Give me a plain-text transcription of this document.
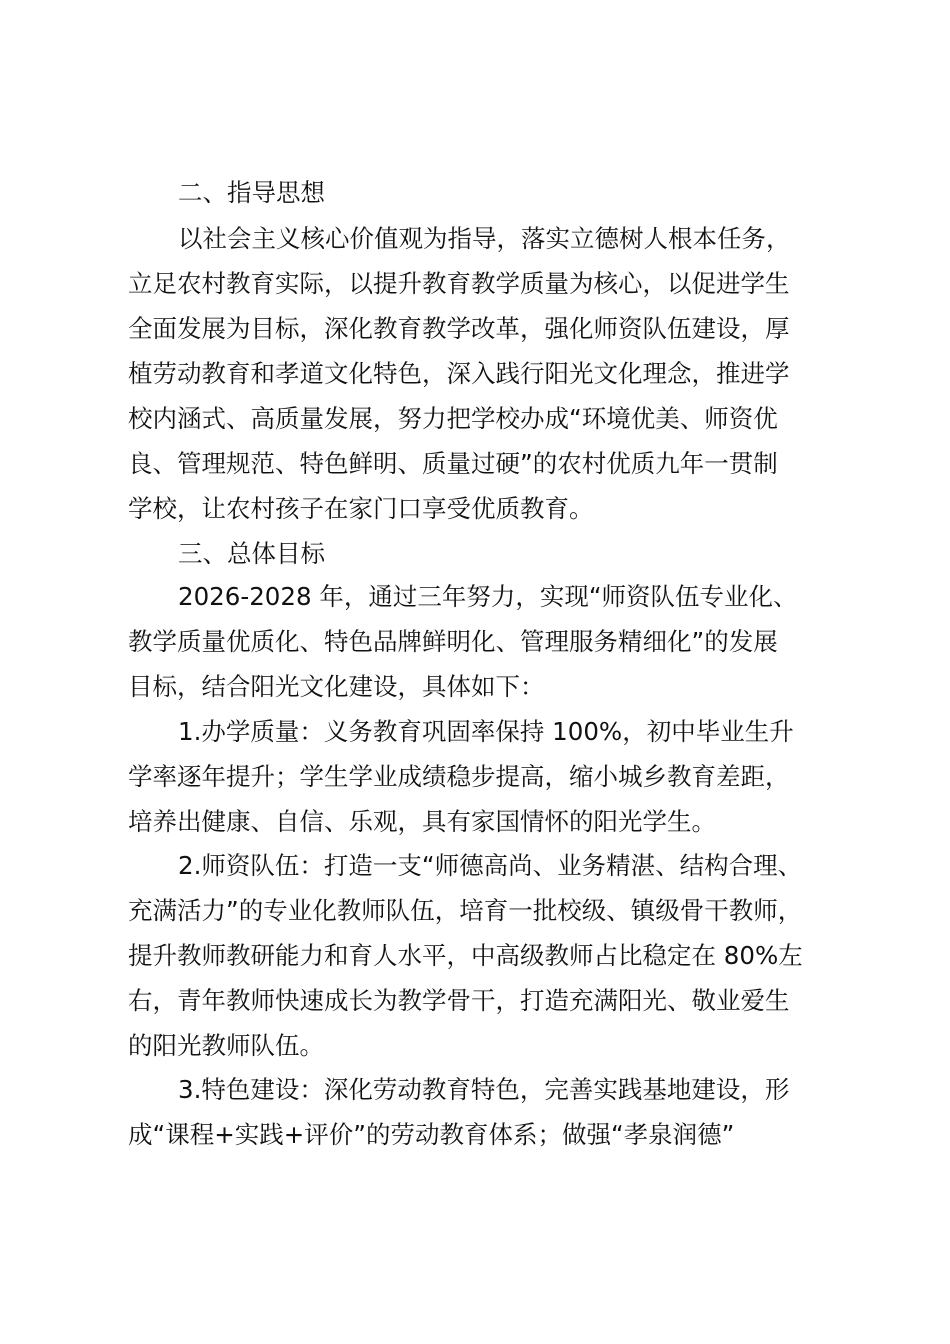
二、指导思想
以社会主义核心价值观为指导，落实立德树人根本任务，
立足农村教育实际，以提升教育教学质量为核心，以促进学生
全面发展为目标，深化教育教学改革，强化师资队伍建设，厚
植劳动教育和孝道文化特色，深入践行阳光文化理念，推进学
校内涵式、高质量发展，努力把学校办成“环境优美、师资优
良、管理规范、特色鲜明、质量过硬”的农村优质九年一贯制
学校，让农村孩子在家门口享受优质教育。
三、总体目标
2026-2028 年，通过三年努力，实现“师资队伍专业化、
教学质量优质化、特色品牌鲜明化、管理服务精细化”的发展
目标，结合阳光文化建设，具体如下：
1.办学质量：义务教育巩固率保持 100%，初中毕业生升
学率逐年提升；学生学业成绩稳步提高，缩小城乡教育差距，
培养出健康、自信、乐观，具有家国情怀的阳光学生。
2.师资队伍：打造一支“师德高尚、业务精湛、结构合理、
充满活力”的专业化教师队伍，培育一批校级、镇级骨干教师，
提升教师教研能力和育人水平，中高级教师占比稳定在 80%左
右，青年教师快速成长为教学骨干，打造充满阳光、敬业爱生
的阳光教师队伍。
3.特色建设：深化劳动教育特色，完善实践基地建设，形
成“课程+实践+评价”的劳动教育体系；做强“孝泉润德”
